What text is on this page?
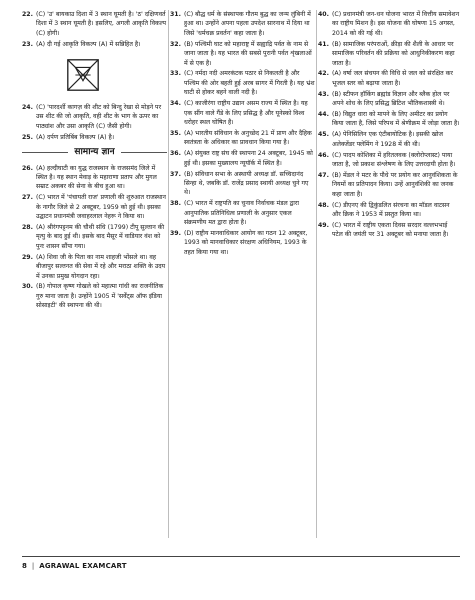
22. (C) 'उ' बायकाउ दिशा में 3 स्थान घूमती है। 'ठ' दक्षिणवर्त दिशा में 3 स्थान घूमती है। इसलिए, अगली आकृति विकल्प (C) होगी।
23. (A) दी गई आकृति विकल्प (A) में सन्निहित है।
24. (C) 'पारदर्शी कागज़ की शीट को बिन्दु रेखा से मोड़ने पर उस शीट की जो आकृति, वही शीट के भाग के ऊपर का पाठ्यांश और उसा आकृति (C) जैसी होगी।
25. (A) दर्पण प्रतिबिंब विकल्प (A) है।
सामान्य ज्ञान
26. (A) हल्दीघाटी का युद्ध राजस्थान के राजसमंद जिले में स्थित है। यह स्थान मेवाड़ के महाराणा प्रताप और मुगल सम्राट अकबर की सेना के बीच हुआ था।
27. (C) भारत में 'पंचायती राज' प्रणाली की शुरुआत राजस्थान के नागौर जिले से 2 अक्टूबर, 1959 को हुई थी। इसका उद्घाटन प्रधानमंत्री जवाहरलाल नेहरू ने किया था।
28. (A) श्रीरंगपट्टनम की चौथी संधि (1799) टीपू सुल्तान की मृत्यु के बाद हुई थी। इसके बाद मैसूर में वाडियार वंश को पुनः शासन सौंपा गया।
29. (A) शिवा जी के पिता का नाम शाहजी भोंसले था। वह बीजापुर सल्तनत की सेवा में रहे और मराठा शक्ति के उदय में उनका प्रमुख योगदान रहा।
30. (B) गोपाल कृष्ण गोखले को महात्मा गांधी का राजनीतिक गुरु माना जाता है। उन्होंने 1905 में 'सर्वेंट्स ऑफ इंडिया सोसाइटी' की स्थापना की थी।
31. (C) बौद्ध धर्म के संस्थापक गौतम बुद्ध का जन्म लुंबिनी में हुआ था। उन्होंने अपना पहला उपदेश सारनाथ में दिया था जिसे 'धर्मचक्र प्रवर्तन' कहा जाता है।
32. (B) पश्चिमी घाट को महाराष्ट्र में सह्याद्रि पर्वत के नाम से जाना जाता है। यह भारत की सबसे पुरानी पर्वत शृंखलाओं में से एक है।
33. (C) नर्मदा नदी अमरकंटक पठार से निकलती है और पश्चिम की ओर बहती हुई अरब सागर में गिरती है। यह भ्रंश घाटी से होकर बहने वाली नदी है।
34. (C) काजीरंगा राष्ट्रीय उद्यान असम राज्य में स्थित है। यह एक सींग वाले गैंडे के लिए प्रसिद्ध है और यूनेस्को विश्व धरोहर स्थल घोषित है।
35. (A) भारतीय संविधान के अनुच्छेद 21 में प्राण और दैहिक स्वतंत्रता के अधिकार का प्रावधान किया गया है।
36. (A) संयुक्त राष्ट्र संघ की स्थापना 24 अक्टूबर, 1945 को हुई थी। इसका मुख्यालय न्यूयॉर्क में स्थित है।
37. (B) संविधान सभा के अस्थायी अध्यक्ष डॉ. सच्चिदानंद सिन्हा थे, जबकि डॉ. राजेंद्र प्रसाद स्थायी अध्यक्ष चुने गए थे।
38. (C) भारत में राष्ट्रपति का चुनाव निर्वाचक मंडल द्वारा आनुपातिक प्रतिनिधित्व प्रणाली के अनुसार एकल संक्रमणीय मत द्वारा होता है।
39. (D) राष्ट्रीय मानवाधिकार आयोग का गठन 12 अक्टूबर, 1993 को मानवाधिकार संरक्षण अधिनियम, 1993 के तहत किया गया था।
40. (C) प्रधानमंत्री जन-धन योजना भारत में वित्तीय समावेशन का राष्ट्रीय मिशन है। इस योजना की घोषणा 15 अगस्त, 2014 को की गई थी।
41. (B) सामाजिक परंपराओं, क्रीड़ा की शैली के आधार पर सामाजिक परिवर्तन की प्रक्रिया को आधुनिकीकरण कहा जाता है।
42. (A) वर्षा जल संचयन की विधि से जल को संरक्षित कर भूजल स्तर को बढ़ाया जाता है।
43. (B) स्टीफन हॉकिंग ब्रह्मांड विज्ञान और ब्लैक होल पर अपने शोध के लिए प्रसिद्ध ब्रिटिश भौतिकशास्त्री थे।
44. (B) विद्युत धारा को मापने के लिए अमीटर का प्रयोग किया जाता है, जिसे परिपथ में श्रेणीक्रम में जोड़ा जाता है।
45. (A) पेनिसिलिन एक एंटीबायोटिक है। इसकी खोज अलेक्जेंडर फ्लेमिंग ने 1928 में की थी।
46. (C) पादप कोशिका में हरितलवक (क्लोरोप्लास्ट) पाया जाता है, जो प्रकाश संश्लेषण के लिए उत्तरदायी होता है।
47. (B) मेंडल ने मटर के पौधे पर प्रयोग कर आनुवंशिकता के नियमों का प्रतिपादन किया। उन्हें आनुवंशिकी का जनक कहा जाता है।
48. (C) डीएनए की द्विकुंडलित संरचना का मॉडल वाटसन और क्रिक ने 1953 में प्रस्तुत किया था।
49. (C) भारत में राष्ट्रीय एकता दिवस सरदार वल्लभभाई पटेल की जयंती पर 31 अक्टूबर को मनाया जाता है।
8 | AGRAWAL EXAMCART
